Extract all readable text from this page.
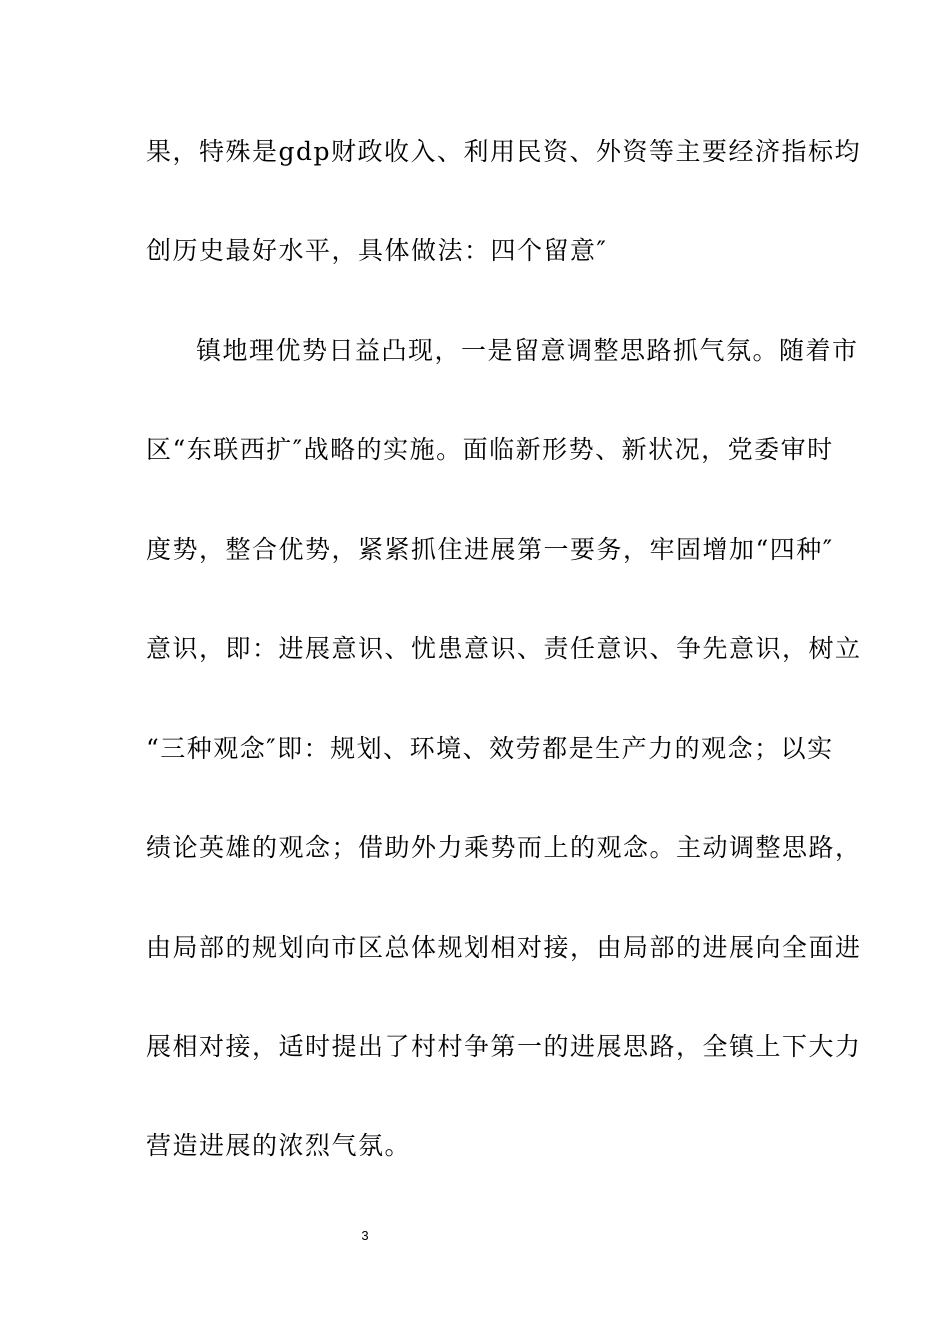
果，特殊是gdp财政收入、利用民资、外资等主要经济指标均
创历史最好水平，具体做法：四个留意″
镇地理优势日益凸现，一是留意调整思路抓气氛。随着市
区“东联西扩″战略的实施。面临新形势、新状况，党委审时
度势，整合优势，紧紧抓住进展第一要务，牢固增加“四种″
意识，即：进展意识、忧患意识、责任意识、争先意识，树立
“三种观念″即：规划、环境、效劳都是生产力的观念；以实
绩论英雄的观念；借助外力乘势而上的观念。主动调整思路，
由局部的规划向市区总体规划相对接，由局部的进展向全面进
展相对接，适时提出了村村争第一的进展思路，全镇上下大力
营造进展的浓烈气氛。
3
